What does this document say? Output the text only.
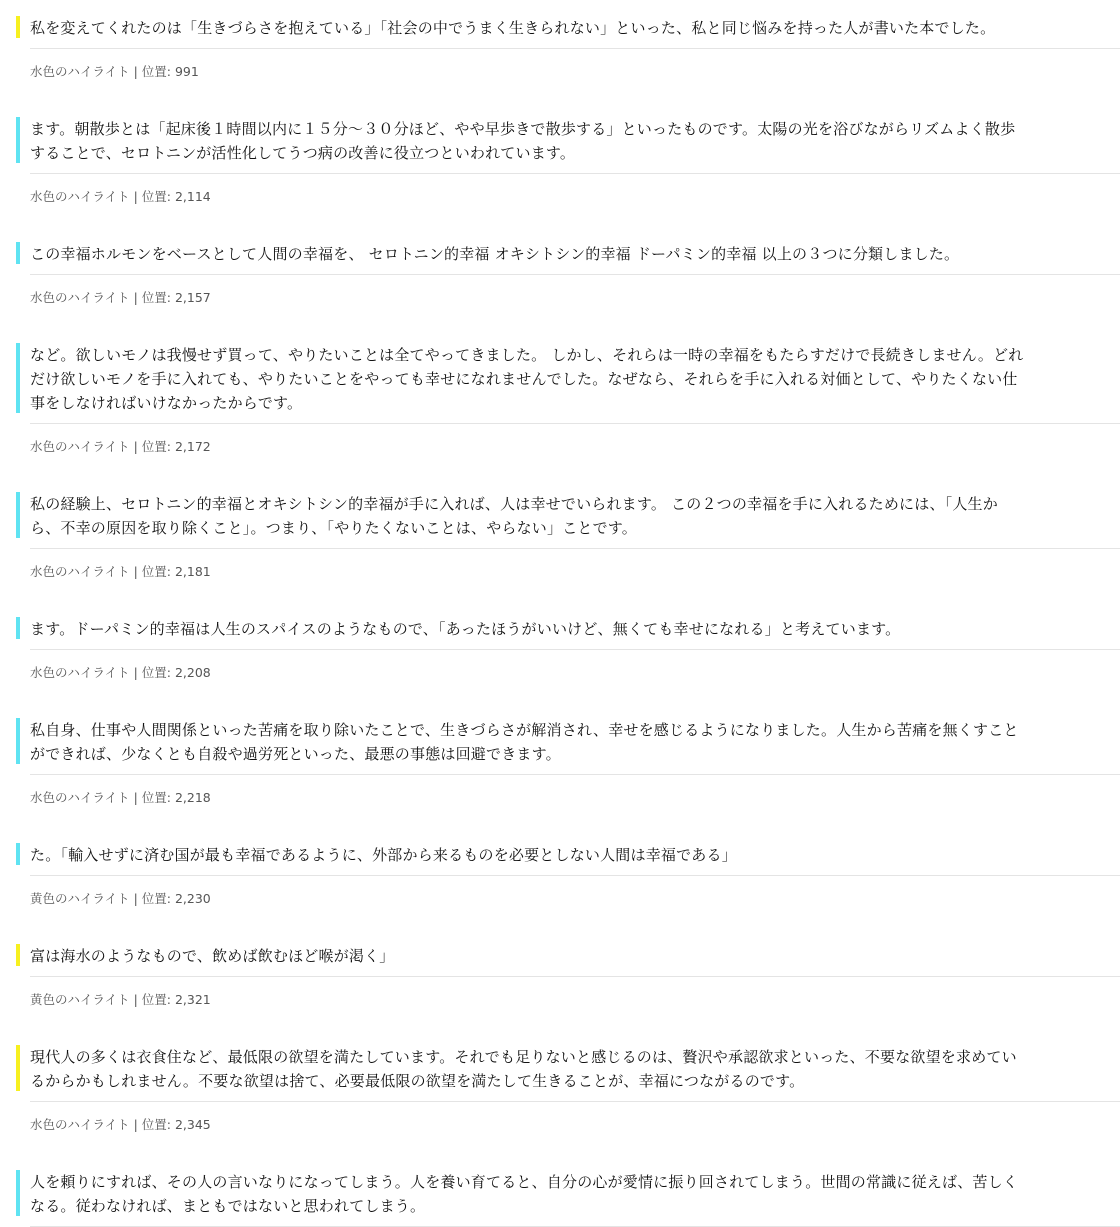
私を変えてくれたのは「生きづらさを抱えている」「社会の中でうまく生きられない」といった、私と同じ悩みを持った人が書いた本でした。
水色のハイライト | 位置: 991
ます。朝散歩とは「起床後１時間以内に１５分〜３０分ほど、やや早歩きで散歩する」といったものです。太陽の光を浴びながらリズムよく散歩
することで、セロトニンが活性化してうつ病の改善に役立つといわれています。
水色のハイライト | 位置: 2,114
この幸福ホルモンをベースとして人間の幸福を、 セロトニン的幸福 オキシトシン的幸福 ドーパミン的幸福 以上の３つに分類しました。
水色のハイライト | 位置: 2,157
など。欲しいモノは我慢せず買って、やりたいことは全てやってきました。 しかし、それらは一時の幸福をもたらすだけで長続きしません。どれ
だけ欲しいモノを手に入れても、やりたいことをやっても幸せになれませんでした。なぜなら、それらを手に入れる対価として、やりたくない仕
事をしなければいけなかったからです。
水色のハイライト | 位置: 2,172
私の経験上、セロトニン的幸福とオキシトシン的幸福が手に入れば、人は幸せでいられます。 この２つの幸福を手に入れるためには、「人生か
ら、不幸の原因を取り除くこと」。つまり、「やりたくないことは、やらない」ことです。
水色のハイライト | 位置: 2,181
ます。ドーパミン的幸福は人生のスパイスのようなもので、「あったほうがいいけど、無くても幸せになれる」と考えています。
水色のハイライト | 位置: 2,208
私自身、仕事や人間関係といった苦痛を取り除いたことで、生きづらさが解消され、幸せを感じるようになりました。人生から苦痛を無くすこと
ができれば、少なくとも自殺や過労死といった、最悪の事態は回避できます。
水色のハイライト | 位置: 2,218
た。「輸入せずに済む国が最も幸福であるように、外部から来るものを必要としない人間は幸福である」
黄色のハイライト | 位置: 2,230
富は海水のようなもので、飲めば飲むほど喉が渇く」
黄色のハイライト | 位置: 2,321
現代人の多くは衣食住など、最低限の欲望を満たしています。それでも足りないと感じるのは、贅沢や承認欲求といった、不要な欲望を求めてい
るからかもしれません。不要な欲望は捨て、必要最低限の欲望を満たして生きることが、幸福につながるのです。
水色のハイライト | 位置: 2,345
人を頼りにすれば、その人の言いなりになってしまう。人を養い育てると、自分の心が愛情に振り回されてしまう。世間の常識に従えば、苦しく
なる。従わなければ、まともではないと思われてしまう。
